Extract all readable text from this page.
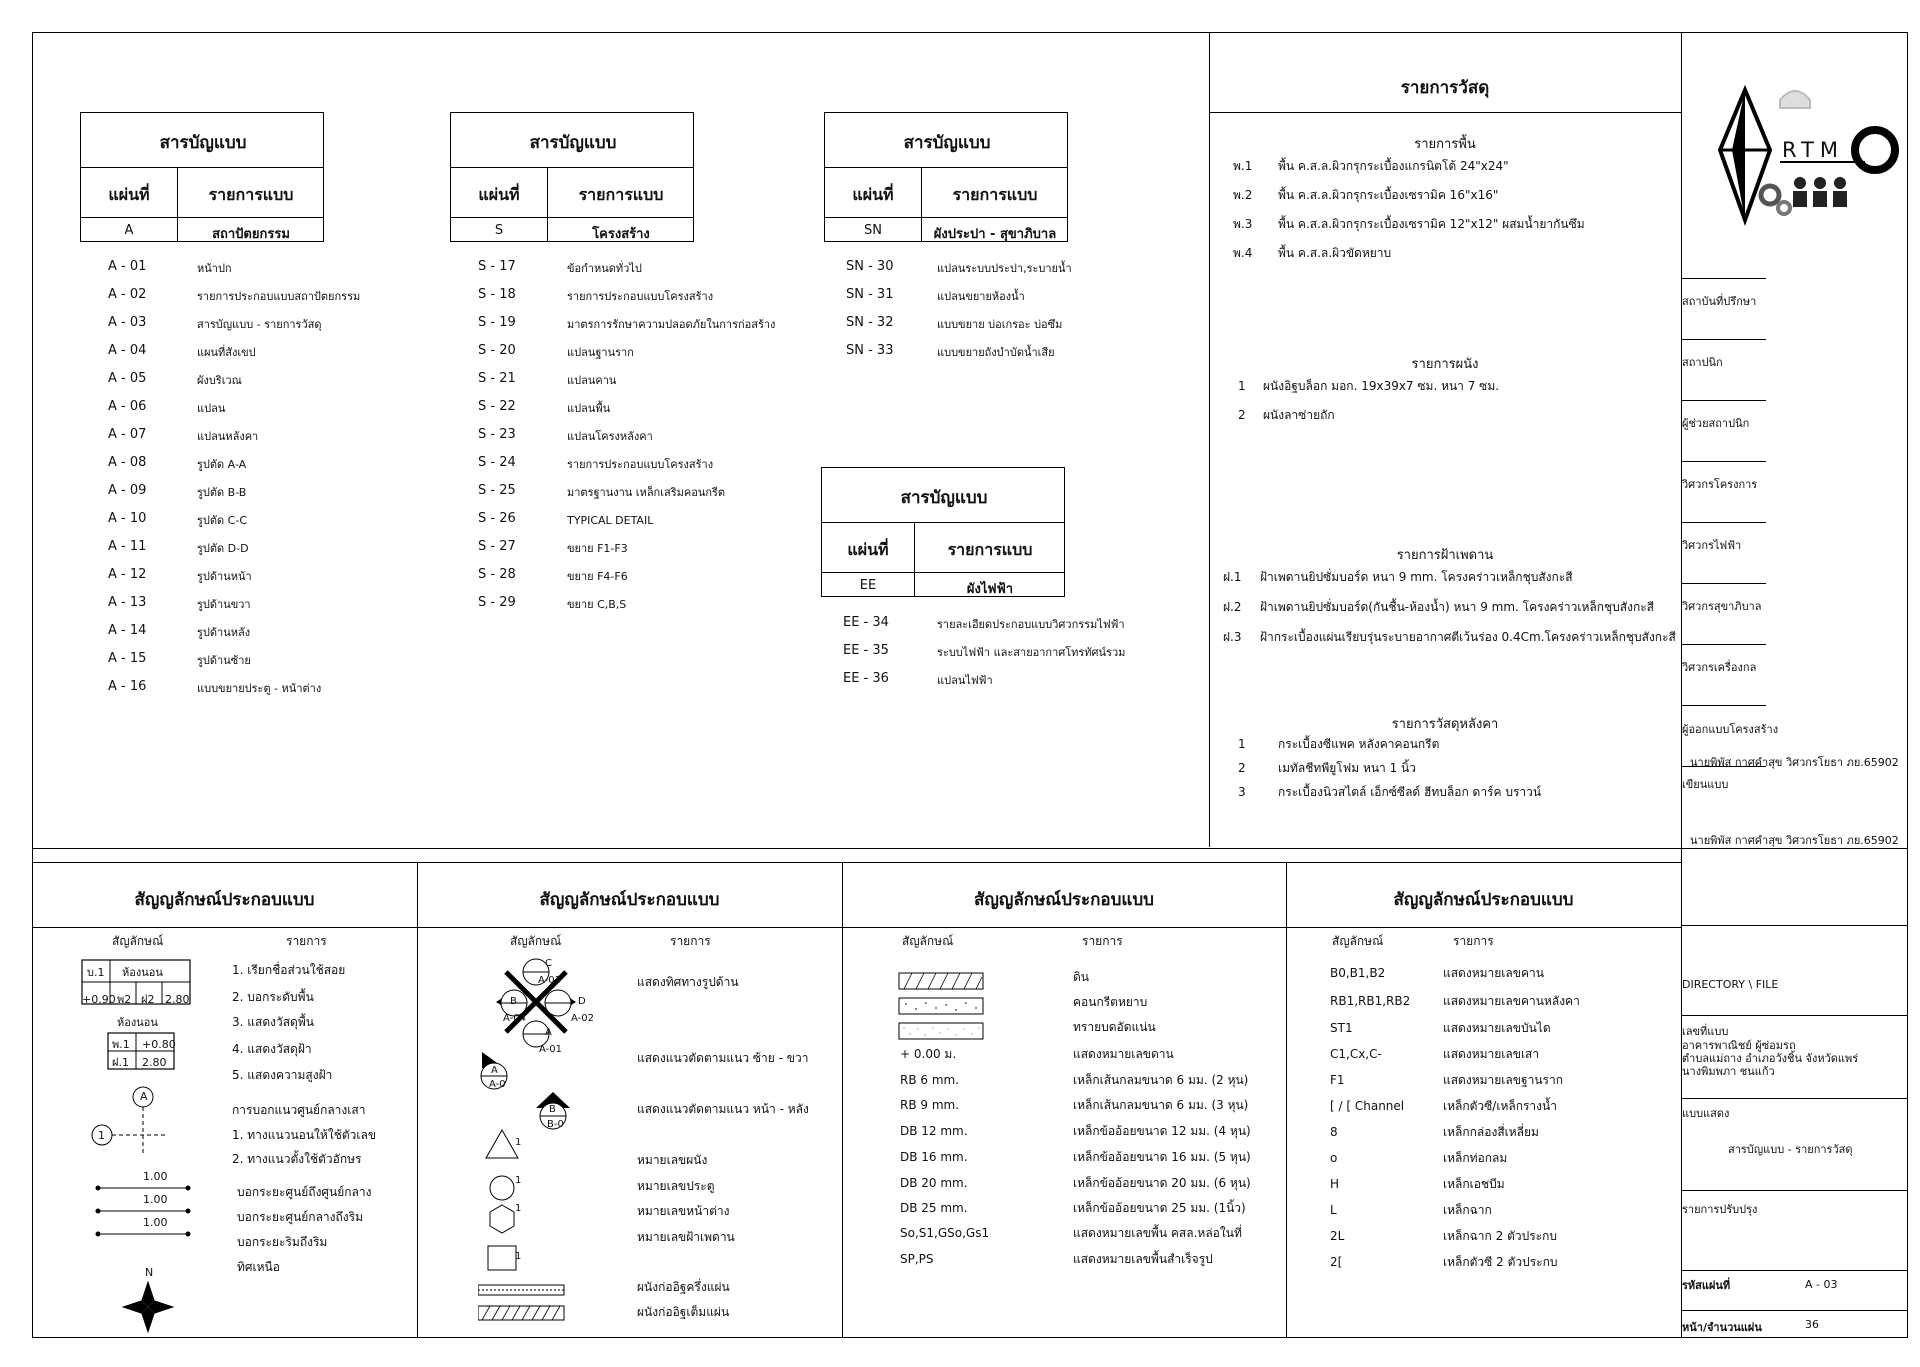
สารบัญแบบ
แผ่นที่	รายการแบบ
A	สถาปัตยกรรม
A - 01	หน้าปก
A - 02	รายการประกอบแบบสถาปัตยกรรม
A - 03	สารบัญแบบ - รายการวัสดุ
A - 04	แผนที่สังเขป
A - 05	ผังบริเวณ
A - 06	แปลน
A - 07	แปลนหลังคา
A - 08	รูปตัด A-A
A - 09	รูปตัด B-B
A - 10	รูปตัด C-C
A - 11	รูปตัด D-D
A - 12	รูปด้านหน้า
A - 13	รูปด้านขวา
A - 14	รูปด้านหลัง
A - 15	รูปด้านซ้าย
A - 16	แบบขยายประตู - หน้าต่าง
สารบัญแบบ
แผ่นที่	รายการแบบ
S	โครงสร้าง
S - 17	ข้อกำหนดทั่วไป
S - 18	รายการประกอบแบบโครงสร้าง
S - 19	มาตรการรักษาความปลอดภัยในการก่อสร้าง
S - 20	แปลนฐานราก
S - 21	แปลนคาน
S - 22	แปลนพื้น
S - 23	แปลนโครงหลังคา
S - 24	รายการประกอบแบบโครงสร้าง
S - 25	มาตรฐานงาน เหล็กเสริมคอนกรีต
S - 26	TYPICAL DETAIL
S - 27	ขยาย F1-F3
S - 28	ขยาย F4-F6
S - 29	ขยาย C,B,S
สารบัญแบบ
แผ่นที่	รายการแบบ
SN	ผังประปา - สุขาภิบาล
SN - 30	แปลนระบบประปา,ระบายน้ำ
SN - 31	แปลนขยายห้องน้ำ
SN - 32	แบบขยาย บ่อเกรอะ บ่อซึม
SN - 33	แบบขยายถังบำบัดน้ำเสีย
สารบัญแบบ
แผ่นที่	รายการแบบ
EE	ผังไฟฟ้า
EE - 34	รายละเอียดประกอบแบบวิศวกรรมไฟฟ้า
EE - 35	ระบบไฟฟ้า และสายอากาศโทรทัศน์รวม
EE - 36	แปลนไฟฟ้า
รายการวัสดุ
รายการพื้น
พ.1 พื้น ค.ส.ล.ผิวกรุกระเบื้องแกรนิตโต้ 24"x24"
พ.2 พื้น ค.ส.ล.ผิวกรุกระเบื้องเซรามิค 16"x16"
พ.3 พื้น ค.ส.ล.ผิวกรุกระเบื้องเซรามิค 12"x12" ผสมน้ำยากันซึม
พ.4 พื้น ค.ส.ล.ผิวขัดหยาบ
รายการผนัง
1 ผนังอิฐบล็อก มอก. 19x39x7 ซม. หนา 7 ซม.
2 ผนังลาซ่ายถัก
รายการฝ้าเพดาน
ฝ.1 ฝ้าเพดานยิปซั่มบอร์ด หนา 9 mm. โครงคร่าวเหล็กชุบสังกะสี
ฝ.2 ฝ้าเพดานยิปซั่มบอร์ด(กันชื้น-ห้องน้ำ) หนา 9 mm. โครงคร่าวเหล็กชุบสังกะสี
ฝ.3 ฝ้ากระเบื้องแผ่นเรียบรุ่นระบายอากาศตีเว้นร่อง 0.4Cm.โครงคร่าวเหล็กชุบสังกะสี
รายการวัสดุหลังคา
1	กระเบื้องซีแพค หลังคาคอนกรีต
2	เมทัลชีทพียูโฟม หนา 1 นิ้ว
3	กระเบื้องนิวสไตล์ เอ็กซ์ซีลด์ ฮีทบล็อก ดาร์ค บราวน์
RTM
สถาบันที่ปรึกษา
สถาปนิก
ผู้ช่วยสถาปนิก
วิศวกรโครงการ
วิศวกรไฟฟ้า
วิศวกรสุขาภิบาล
วิศวกรเครื่องกล
ผู้ออกแบบโครงสร้าง
นายพิพัส กาศคำสุข วิศวกรโยธา ภย.65902
เขียนแบบ
นายพิพัส กาศคำสุข วิศวกรโยธา ภย.65902
DIRECTORY \ FILE
เลขที่แบบ
อาคารพาณิชย์ ผู้ซ่อมรถ
ตำบลแม่ถาง อำเภอวังชิ้น จังหวัดแพร่
นางพิมพภา ชนแก้ว
แบบแสดง
สารบัญแบบ - รายการวัสดุ
รายการปรับปรุง
รหัสแผ่นที่	A - 03
หน้า/จำนวนแผ่น	36
สัญญลักษณ์ประกอบแบบ	สัญญลักษณ์ประกอบแบบ	สัญญลักษณ์ประกอบแบบ	สัญญลักษณ์ประกอบแบบ
สัญลักษณ์	รายการ
1. เรียกชื่อส่วนใช้สอย
2. บอกระดับพื้น
3. แสดงวัสดุพื้น
4. แสดงวัสดุฝ้า
5. แสดงความสูงฝ้า
การบอกแนวศูนย์กลางเสา
1. ทางแนวนอนให้ใช้ตัวเลข
2. ทางแนวตั้งใช้ตัวอักษร
บอกระยะศูนย์ถึงศูนย์กลาง
บอกระยะศูนย์กลางถึงริม
บอกระยะริมถึงริม
ทิศเหนือ
สัญลักษณ์	รายการ
แสดงทิศทางรูปด้าน
แสดงแนวตัดตามแนว ซ้าย - ขวา
แสดงแนวตัดตามแนว หน้า - หลัง
หมายเลขผนัง
หมายเลขประตู
หมายเลขหน้าต่าง
หมายเลขฝ้าเพดาน
ผนังก่ออิฐครึ่งแผ่น
ผนังก่ออิฐเต็มแผ่น
สัญลักษณ์	รายการ
ดิน
คอนกรีตหยาบ
ทรายบดอัดแน่น
+ 0.00 ม.	แสดงหมายเลขดาน
RB 6 mm.	เหล็กเส้นกลมขนาด 6 มม. (2 หุน)
RB 9 mm.	เหล็กเส้นกลมขนาด 6 มม. (3 หุน)
DB 12 mm.	เหล็กข้ออ้อยขนาด 12 มม. (4 หุน)
DB 16 mm.	เหล็กข้ออ้อยขนาด 16 มม. (5 หุน)
DB 20 mm.	เหล็กข้ออ้อยขนาด 20 มม. (6 หุน)
DB 25 mm.	เหล็กข้ออ้อยขนาด 25 มม. (1นิ้ว)
So,S1,GSo,Gs1	แสดงหมายเลขพื้น คสล.หล่อในที่
SP,PS	แสดงหมายเลขพื้นสำเร็จรูป
สัญลักษณ์	รายการ
B0,B1,B2	แสดงหมายเลขคาน
RB1,RB1,RB2	แสดงหมายเลขคานหลังคา
ST1	แสดงหมายเลขบันได
C1,Cx,C-	แสดงหมายเลขเสา
F1	แสดงหมายเลขฐานราก
[ / [ Channel	เหล็กตัวซี/เหล็กรางน้ำ
8	เหล็กกล่องสี่เหลี่ยม
o	เหล็กท่อกลม
H	เหล็กเอชบีม
L	เหล็กฉาก
2L	เหล็กฉาก 2 ตัวประกบ
2[	เหล็กตัวซี 2 ตัวประกบ
บ.1 ห้องนอน
+0.90 พ2 ฝ2 2.80
ห้องนอน
พ.1 +0.80
ฝ.1 2.80
A
1
1.00
1.00
1.00
N
C
A-03
B
A-04
D
A-02
A
A-01
A
A-0
B
B-0
1
1
1
1
